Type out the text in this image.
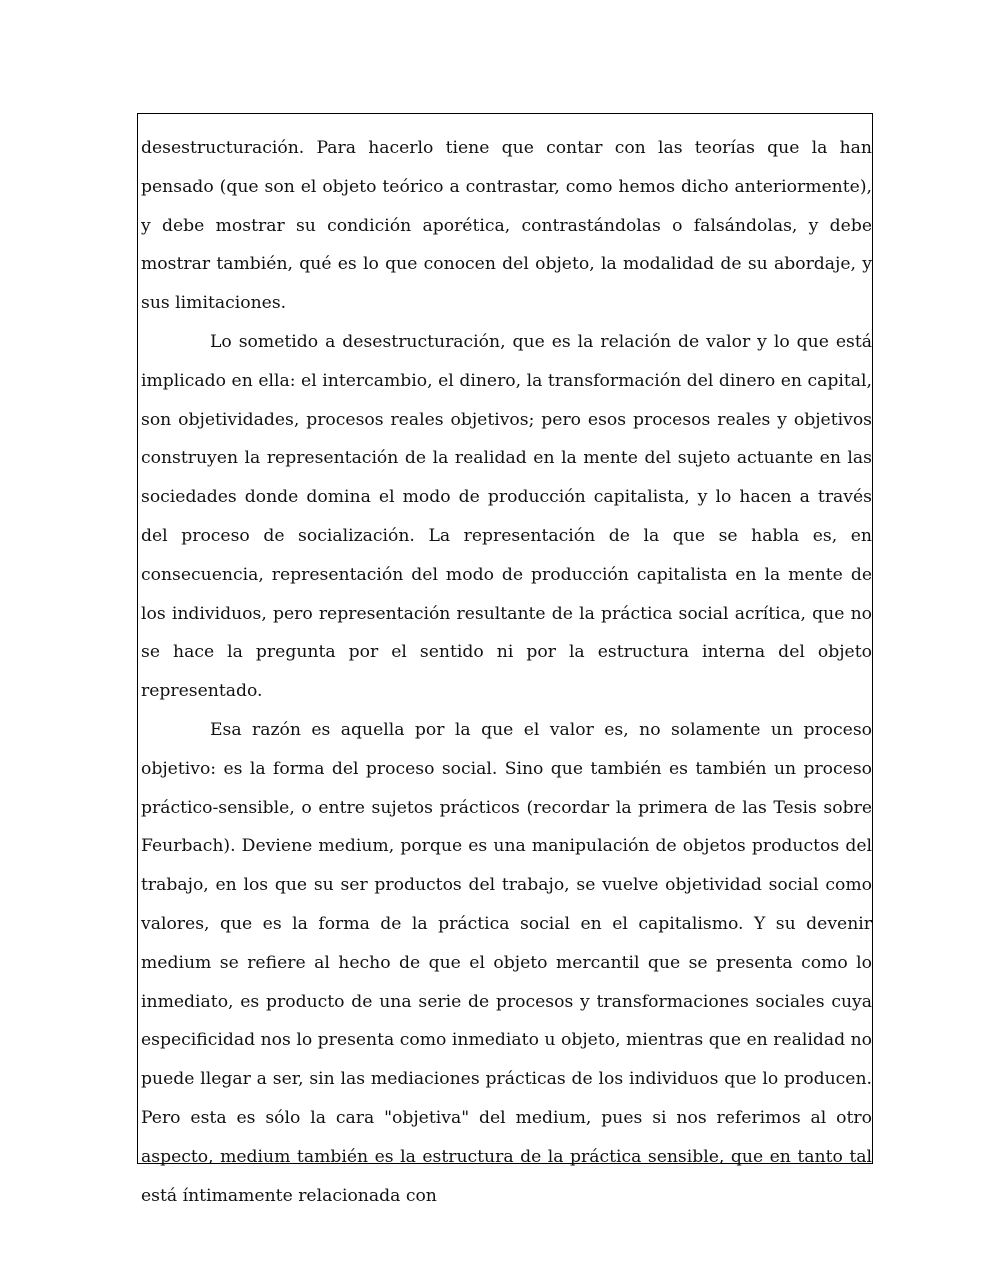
desestructuración. Para hacerlo tiene que contar con las teorías que la han pensado (que son el objeto teórico a contrastar, como hemos dicho anteriormente), y debe mostrar su condición aporética, contrastándolas o falsándolas, y debe mostrar también, qué es lo que conocen del objeto, la modalidad de su abordaje, y sus limitaciones.

Lo sometido a desestructuración, que es la relación de valor y lo que está implicado en ella: el intercambio, el dinero, la transformación del dinero en capital, son objetividades, procesos reales objetivos; pero esos procesos reales y objetivos construyen la representación de la realidad en la mente del sujeto actuante en las sociedades donde domina el modo de producción capitalista, y lo hacen a través del proceso de socialización. La representación de la que se habla es, en consecuencia, representación del modo de producción capitalista en la mente de los individuos, pero representación resultante de la práctica social acrítica, que no se hace la pregunta por el sentido ni por la estructura interna del objeto representado.

Esa razón es aquella por la que el valor es, no solamente un proceso objetivo: es la forma del proceso social. Sino que también es también un proceso práctico-sensible, o entre sujetos prácticos (recordar la primera de las Tesis sobre Feurbach). Deviene medium, porque es una manipulación de objetos productos del trabajo, en los que su ser productos del trabajo, se vuelve objetividad social como valores, que es la forma de la práctica social en el capitalismo. Y su devenir medium se refiere al hecho de que el objeto mercantil que se presenta como lo inmediato, es producto de una serie de procesos y transformaciones sociales cuya especificidad nos lo presenta como inmediato u objeto, mientras que en realidad no puede llegar a ser, sin las mediaciones prácticas de los individuos que lo producen. Pero esta es sólo la cara "objetiva" del medium, pues si nos referimos al otro aspecto, medium también es la estructura de la práctica sensible, que en tanto tal está íntimamente relacionada con
